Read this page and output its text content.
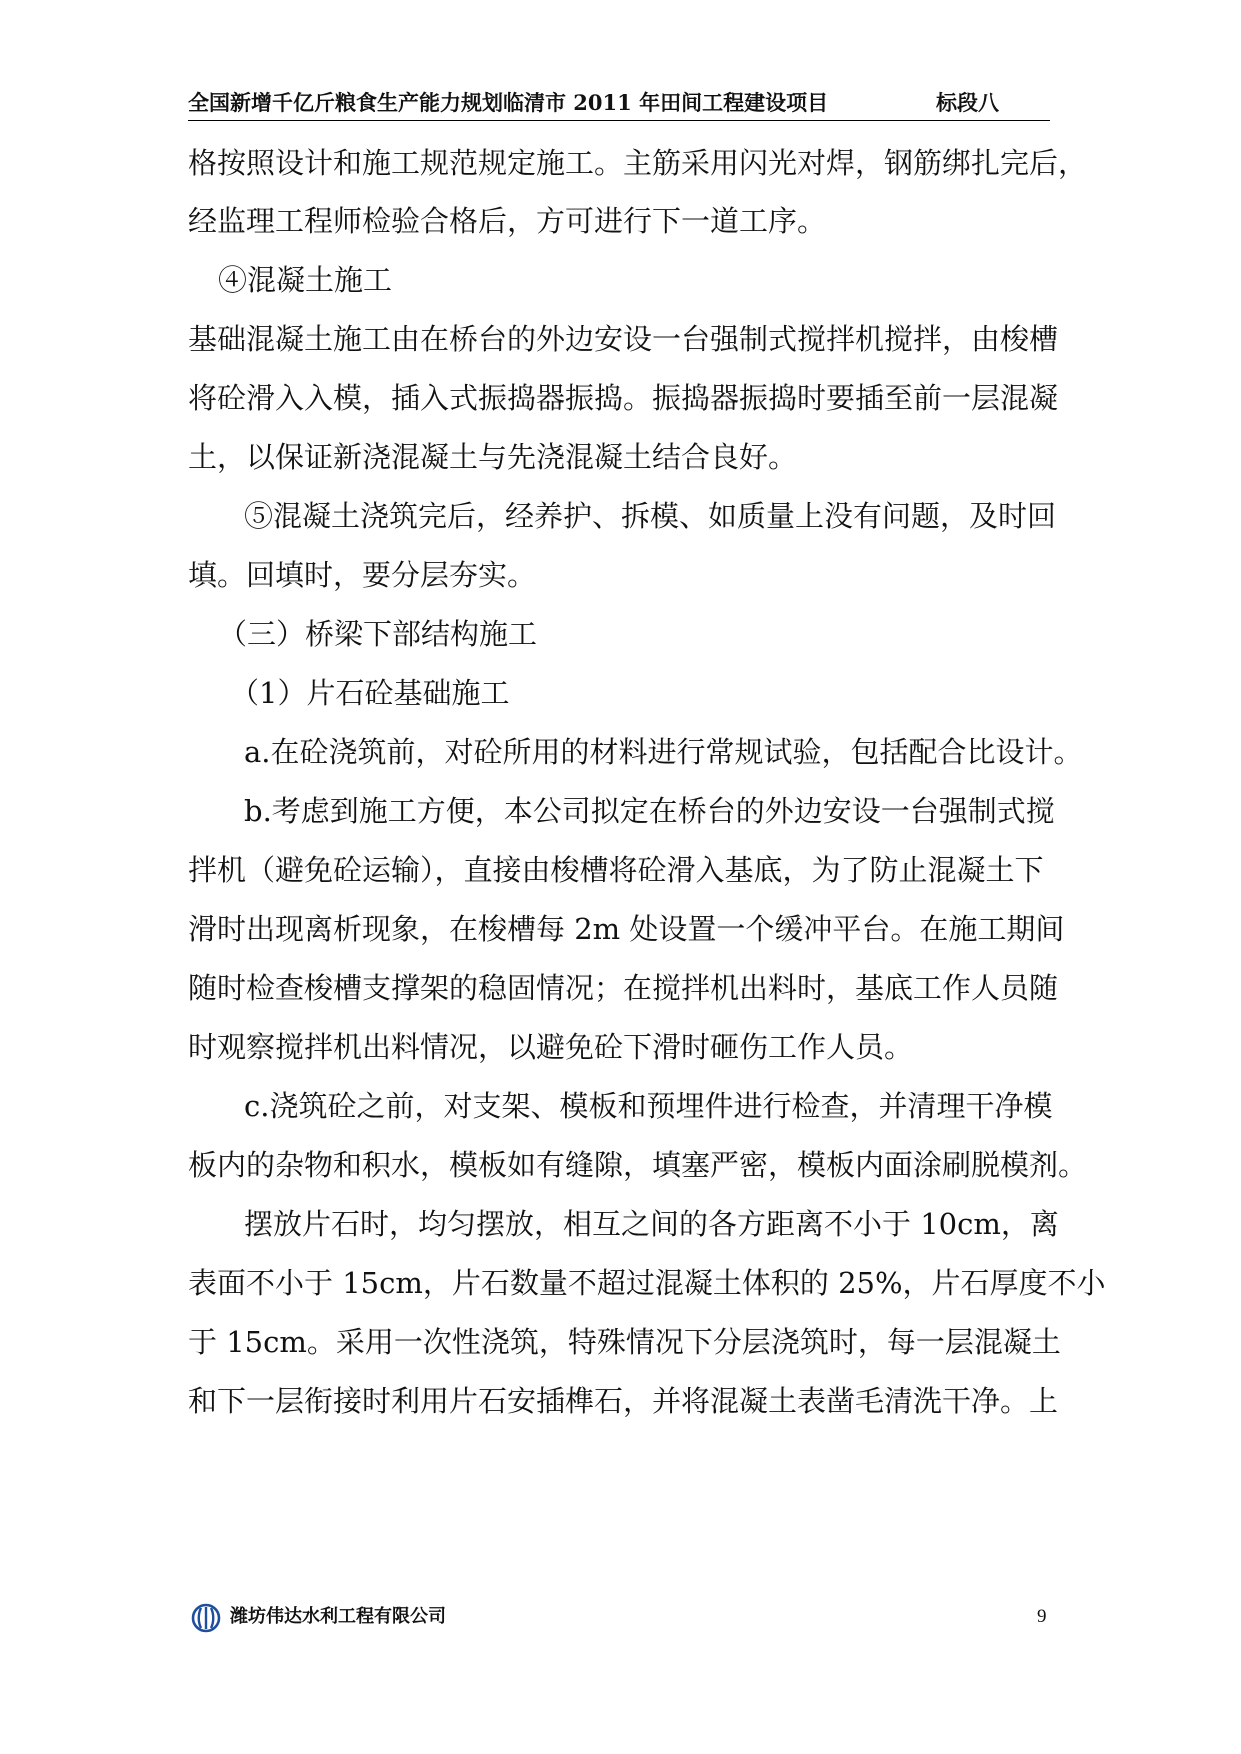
全国新增千亿斤粮食生产能力规划临清市 2011 年田间工程建设项目	标段八
格按照设计和施工规范规定施工。主筋采用闪光对焊，钢筋绑扎完后，
经监理工程师检验合格后，方可进行下一道工序。
④混凝土施工
基础混凝土施工由在桥台的外边安设一台强制式搅拌机搅拌，由梭槽
将砼滑入入模，插入式振捣器振捣。振捣器振捣时要插至前一层混凝
土，以保证新浇混凝土与先浇混凝土结合良好。
⑤混凝土浇筑完后，经养护、拆模、如质量上没有问题，及时回
填。回填时，要分层夯实。
（三）桥梁下部结构施工
（1）片石砼基础施工
a.在砼浇筑前，对砼所用的材料进行常规试验，包括配合比设计。
b.考虑到施工方便，本公司拟定在桥台的外边安设一台强制式搅
拌机（避免砼运输），直接由梭槽将砼滑入基底，为了防止混凝土下
滑时出现离析现象，在梭槽每 2m 处设置一个缓冲平台。在施工期间
随时检查梭槽支撑架的稳固情况；在搅拌机出料时，基底工作人员随
时观察搅拌机出料情况，以避免砼下滑时砸伤工作人员。
c.浇筑砼之前，对支架、模板和预埋件进行检查，并清理干净模
板内的杂物和积水，模板如有缝隙，填塞严密，模板内面涂刷脱模剂。
摆放片石时，均匀摆放，相互之间的各方距离不小于 10cm，离
表面不小于 15cm，片石数量不超过混凝土体积的 25%，片石厚度不小
于 15cm。采用一次性浇筑，特殊情况下分层浇筑时，每一层混凝土
和下一层衔接时利用片石安插榫石，并将混凝土表凿毛清洗干净。上
潍坊伟达水利工程有限公司	9
